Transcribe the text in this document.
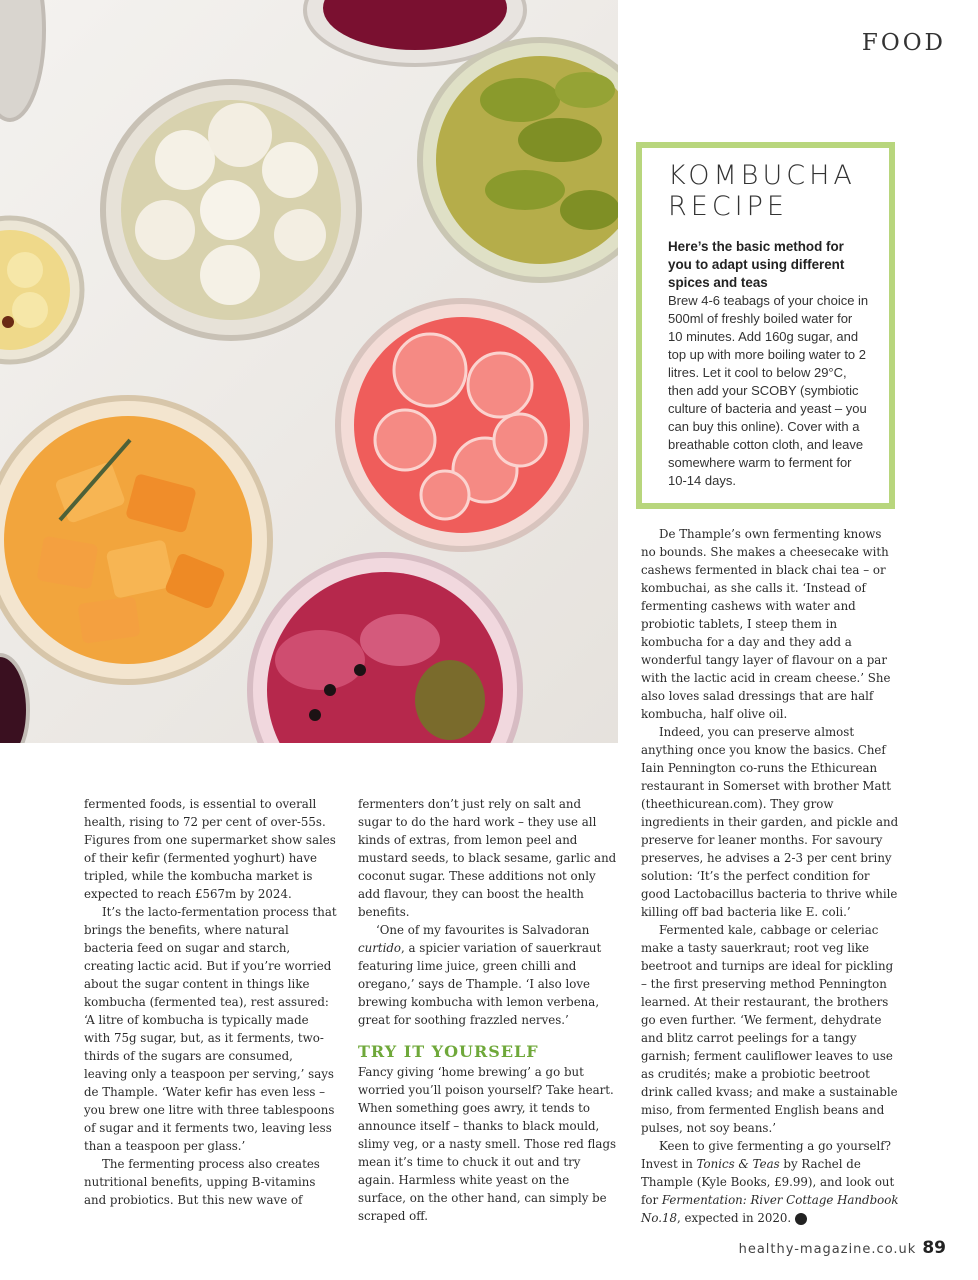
FOOD
KOMBUCHA
RECIPE
Here’s the basic method for you to adapt using different spices and teas
Brew 4-6 teabags of your choice in 500ml of freshly boiled water for 10 minutes. Add 160g sugar, and top up with more boiling water to 2 litres. Let it cool to below 29°C, then add your SCOBY (symbiotic culture of bacteria and yeast – you can buy this online). Cover with a breathable cotton cloth, and leave somewhere warm to ferment for 10-14 days.

fermented foods, is essential to overall health, rising to 72 per cent of over-55s. Figures from one supermarket show sales of their kefir (fermented yoghurt) have tripled, while the kombucha market is expected to reach £567m by 2024.

It’s the lacto-fermentation process that brings the benefits, where natural bacteria feed on sugar and starch, creating lactic acid. But if you’re worried about the sugar content in things like kombucha (fermented tea), rest assured: ‘A litre of kombucha is typically made with 75g sugar, but, as it ferments, two-thirds of the sugars are consumed, leaving only a teaspoon per serving,’ says de Thample. ‘Water kefir has even less – you brew one litre with three tablespoons of sugar and it ferments two, leaving less than a teaspoon per glass.’

The fermenting process also creates nutritional benefits, upping B-vitamins and probiotics. But this new wave of

fermenters don’t just rely on salt and sugar to do the hard work – they use all kinds of extras, from lemon peel and mustard seeds, to black sesame, garlic and coconut sugar. These additions not only add flavour, they can boost the health benefits.

‘One of my favourites is Salvadoran curtido, a spicier variation of sauerkraut featuring lime juice, green chilli and oregano,’ says de Thample. ‘I also love brewing kombucha with lemon verbena, great for soothing frazzled nerves.’

TRY IT YOURSELF

Fancy giving ‘home brewing’ a go but worried you’ll poison yourself? Take heart. When something goes awry, it tends to announce itself – thanks to black mould, slimy veg, or a nasty smell. Those red flags mean it’s time to chuck it out and try again. Harmless white yeast on the surface, on the other hand, can simply be scraped off.

De Thample’s own fermenting knows no bounds. She makes a cheesecake with cashews fermented in black chai tea – or kombuchai, as she calls it. ‘Instead of fermenting cashews with water and probiotic tablets, I steep them in kombucha for a day and they add a wonderful tangy layer of flavour on a par with the lactic acid in cream cheese.’ She also loves salad dressings that are half kombucha, half olive oil.

Indeed, you can preserve almost anything once you know the basics. Chef Iain Pennington co-runs the Ethicurean restaurant in Somerset with brother Matt (theethicurean.com). They grow ingredients in their garden, and pickle and preserve for leaner months. For savoury preserves, he advises a 2-3 per cent briny solution: ‘It’s the perfect condition for good Lactobacillus bacteria to thrive while killing off bad bacteria like E. coli.’

Fermented kale, cabbage or celeriac make a tasty sauerkraut; root veg like beetroot and turnips are ideal for pickling – the first preserving method Pennington learned. At their restaurant, the brothers go even further. ‘We ferment, dehydrate and blitz carrot peelings for a tangy garnish; ferment cauliflower leaves to use as crudités; make a probiotic beetroot drink called kvass; and make a sustainable miso, from fermented English beans and pulses, not soy beans.’

Keen to give fermenting a go yourself? Invest in Tonics & Teas by Rachel de Thample (Kyle Books, £9.99), and look out for Fermentation: River Cottage Handbook No.18, expected in 2020.	h

healthy-magazine.co.uk 89
